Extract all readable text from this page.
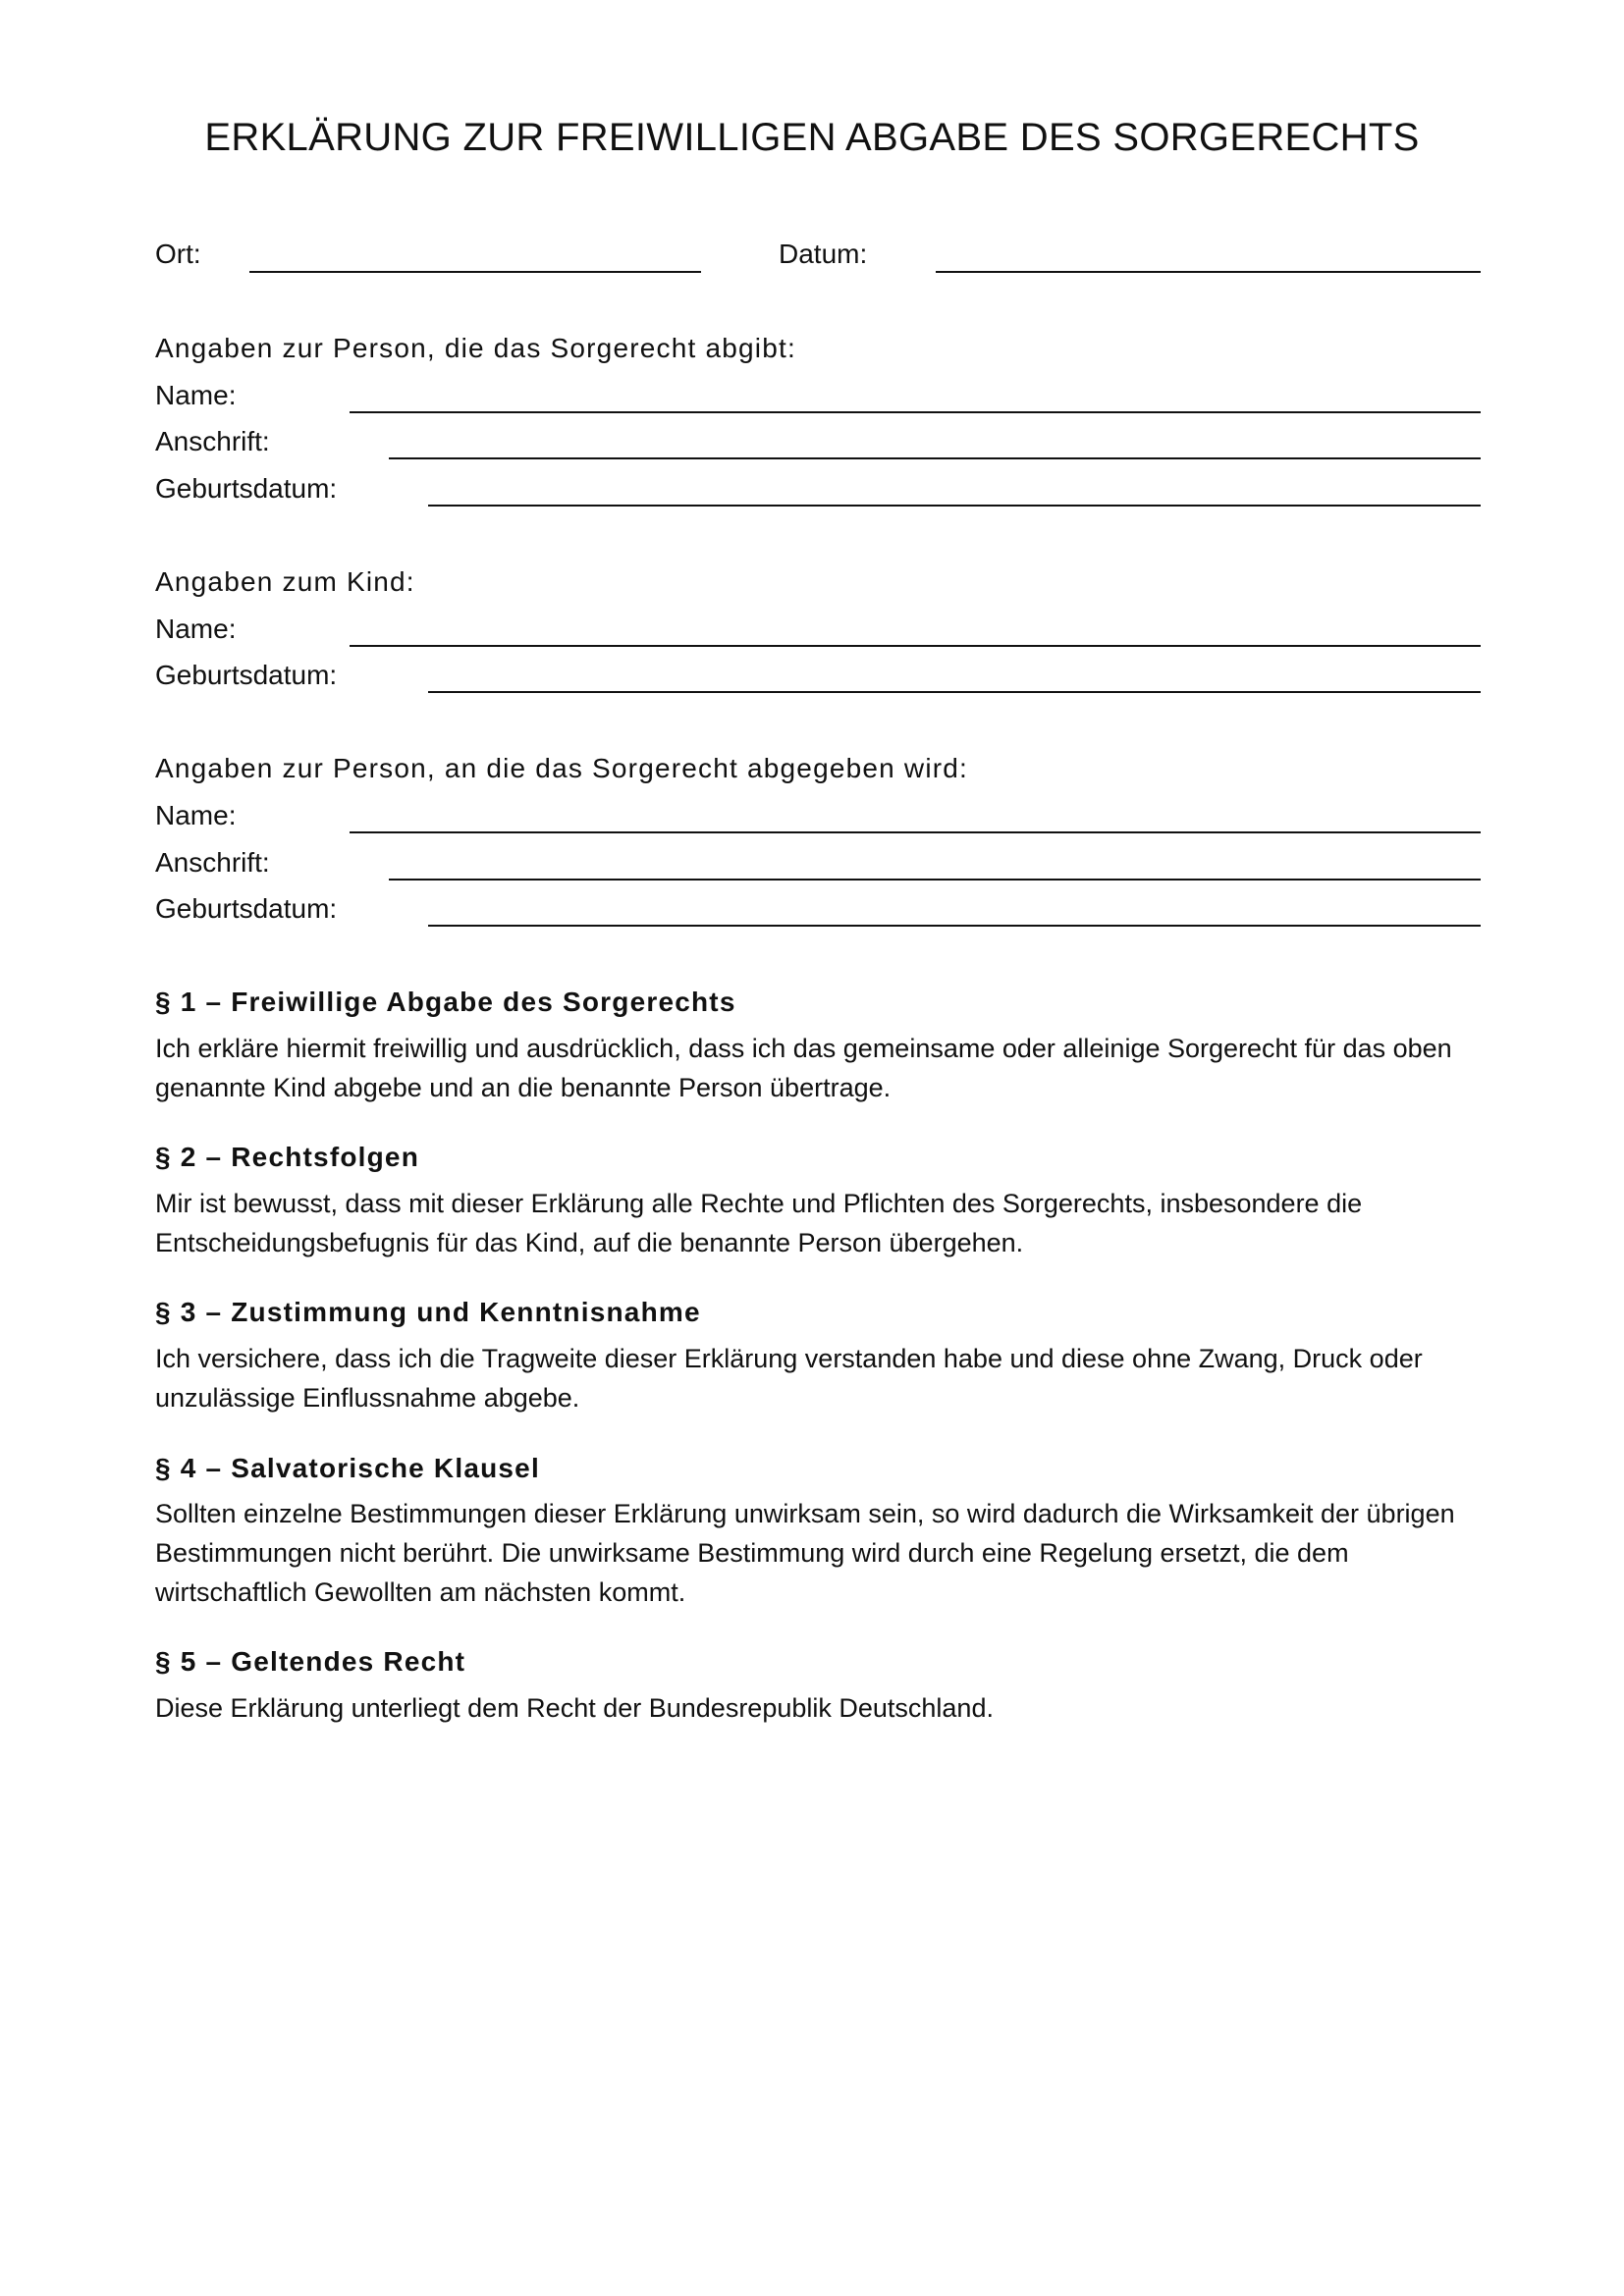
ERKLÄRUNG ZUR FREIWILLIGEN ABGABE DES SORGERECHTS
Ort:	Datum:
Angaben zur Person, die das Sorgerecht abgibt:
Name:
Anschrift:
Geburtsdatum:
Angaben zum Kind:
Name:
Geburtsdatum:
Angaben zur Person, an die das Sorgerecht abgegeben wird:
Name:
Anschrift:
Geburtsdatum:
§ 1 – Freiwillige Abgabe des Sorgerechts

Ich erkläre hiermit freiwillig und ausdrücklich, dass ich das gemeinsame oder alleinige Sorgerecht für das oben genannte Kind abgebe und an die benannte Person übertrage.

§ 2 – Rechtsfolgen

Mir ist bewusst, dass mit dieser Erklärung alle Rechte und Pflichten des Sorgerechts, insbesondere die Entscheidungsbefugnis für das Kind, auf die benannte Person übergehen.

§ 3 – Zustimmung und Kenntnisnahme

Ich versichere, dass ich die Tragweite dieser Erklärung verstanden habe und diese ohne Zwang, Druck oder unzulässige Einflussnahme abgebe.

§ 4 – Salvatorische Klausel

Sollten einzelne Bestimmungen dieser Erklärung unwirksam sein, so wird dadurch die Wirksamkeit der übrigen Bestimmungen nicht berührt. Die unwirksame Bestimmung wird durch eine Regelung ersetzt, die dem wirtschaftlich Gewollten am nächsten kommt.

§ 5 – Geltendes Recht

Diese Erklärung unterliegt dem Recht der Bundesrepublik Deutschland.
